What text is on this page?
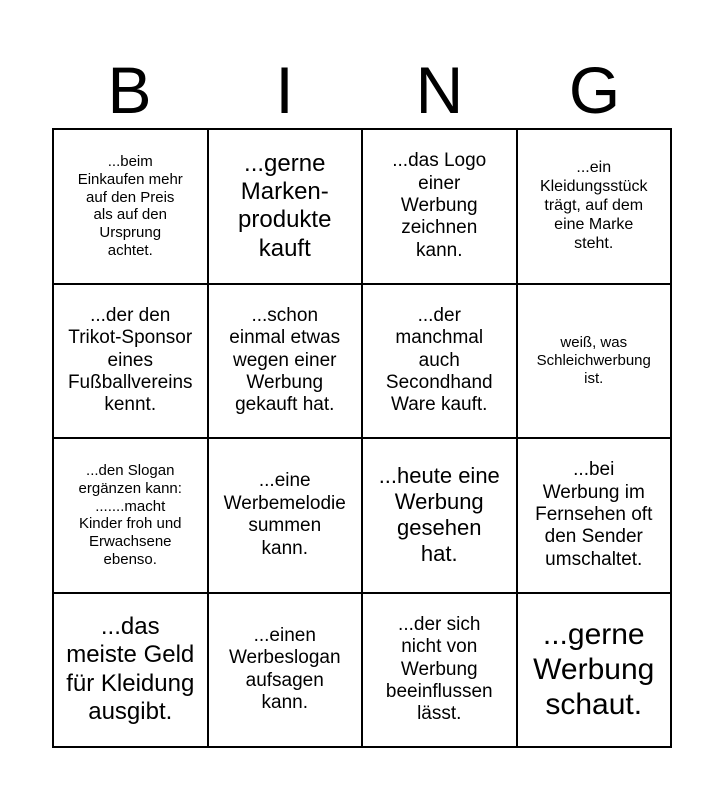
B	I	N	G
...beim
Einkaufen mehr
auf den Preis
als auf den
Ursprung
achtet.
...gerne
Marken-
produkte
kauft
...das Logo
einer
Werbung
zeichnen
kann.
...ein
Kleidungsstück
trägt, auf dem
eine Marke
steht.
...der den
Trikot-Sponsor
eines
Fußballvereins
kennt.
...schon
einmal etwas
wegen einer
Werbung
gekauft hat.
...der
manchmal
auch
Secondhand
Ware kauft.
weiß, was
Schleichwerbung
ist.
...den Slogan
ergänzen kann:
.......macht
Kinder froh und
Erwachsene
ebenso.
...eine
Werbemelodie
summen
kann.
...heute eine
Werbung
gesehen
hat.
...bei
Werbung im
Fernsehen oft
den Sender
umschaltet.
...das
meiste Geld
für Kleidung
ausgibt.
...einen
Werbeslogan
aufsagen
kann.
...der sich
nicht von
Werbung
beeinflussen
lässt.
...gerne
Werbung
schaut.
